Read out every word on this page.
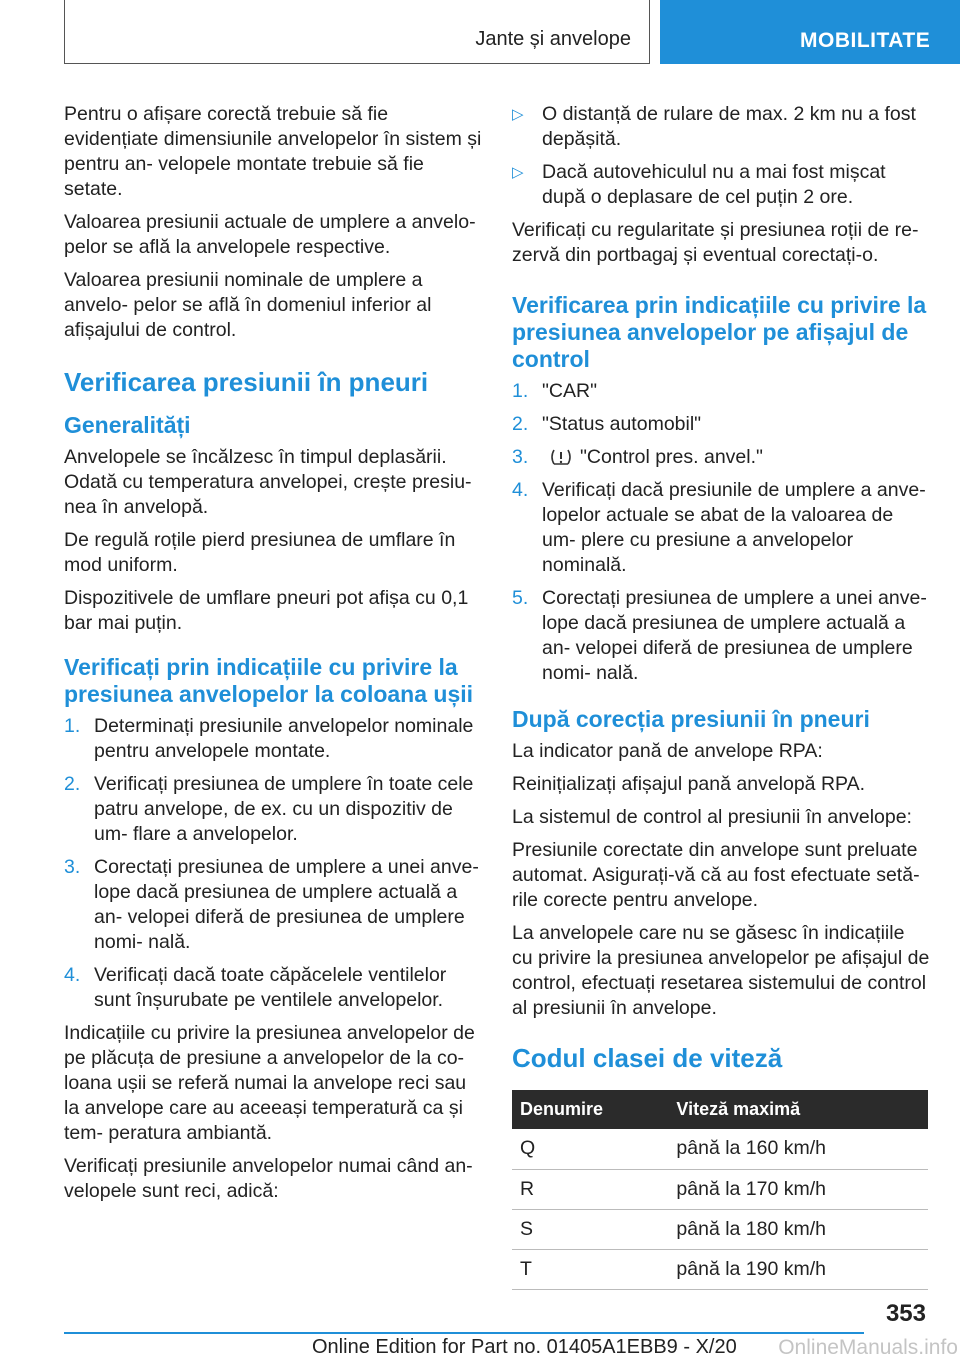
Jante și anvelope	MOBILITATE

Pentru o afișare corectă trebuie să fie evidențiate dimensiunile anvelopelor în sistem și pentru an- velopele montate trebuie să fie setate.

Valoarea presiunii actuale de umplere a anvelo- pelor se află la anvelopele respective.

Valoarea presiunii nominale de umplere a anvelo- pelor se află în domeniul inferior al afișajului de control.

Verificarea presiunii în pneuri
Generalități

Anvelopele se încălzesc în timpul deplasării. Odată cu temperatura anvelopei, crește presiu- nea în anvelopă.

De regulă roțile pierd presiunea de umflare în mod uniform.

Dispozitivele de umflare pneuri pot afișa cu 0,1 bar mai puțin.

Verificați prin indicațiile cu privire la presiunea anvelopelor la coloana ușii
1. Determinați presiunile anvelopelor nominale pentru anvelopele montate.
2. Verificați presiunea de umplere în toate cele patru anvelope, de ex. cu un dispozitiv de um- flare a anvelopelor.
3. Corectați presiunea de umplere a unei anve- lope dacă presiunea de umplere actuală a an- velopei diferă de presiunea de umplere nomi- nală.
4. Verificați dacă toate căpăcelele ventilelor sunt înșurubate pe ventilele anvelopelor.

Indicațiile cu privire la presiunea anvelopelor de pe plăcuța de presiune a anvelopelor de la co- loana ușii se referă numai la anvelope reci sau la anvelope care au aceeași temperatură ca și tem- peratura ambiantă.

Verificați presiunile anvelopelor numai când an- velopele sunt reci, adică:

▷ O distanță de rulare de max. 2 km nu a fost depășită.
▷ Dacă autovehiculul nu a mai fost mișcat după o deplasare de cel puțin 2 ore.

Verificați cu regularitate și presiunea roții de re- zervă din portbagaj și eventual corectați-o.

Verificarea prin indicațiile cu privire la presiunea anvelopelor pe afișajul de control
1. "CAR"
2. "Status automobil"
3.	"Control pres. anvel."
4. Verificați dacă presiunile de umplere a anve- lopelor actuale se abat de la valoarea de um- plere cu presiune a anvelopelor nominală.
5. Corectați presiunea de umplere a unei anve- lope dacă presiunea de umplere actuală a an- velopei diferă de presiunea de umplere nomi- nală.
După corecția presiunii în pneuri

La indicator pană de anvelope RPA:

Reinițializați afișajul pană anvelopă RPA.

La sistemul de control al presiunii în anvelope:

Presiunile corectate din anvelope sunt preluate automat. Asigurați-vă că au fost efectuate setă- rile corecte pentru anvelope.

La anvelopele care nu se găsesc în indicațiile cu privire la presiunea anvelopelor pe afișajul de control, efectuați resetarea sistemului de control al presiunii în anvelope.

Codul clasei de viteză
Denumire	Viteză maximă
Q	până la 160 km/h
R	până la 170 km/h
S	până la 180 km/h
T	până la 190 km/h
353
Online Edition for Part no. 01405A1EBB9 - X/20 OnlineManuals.info
